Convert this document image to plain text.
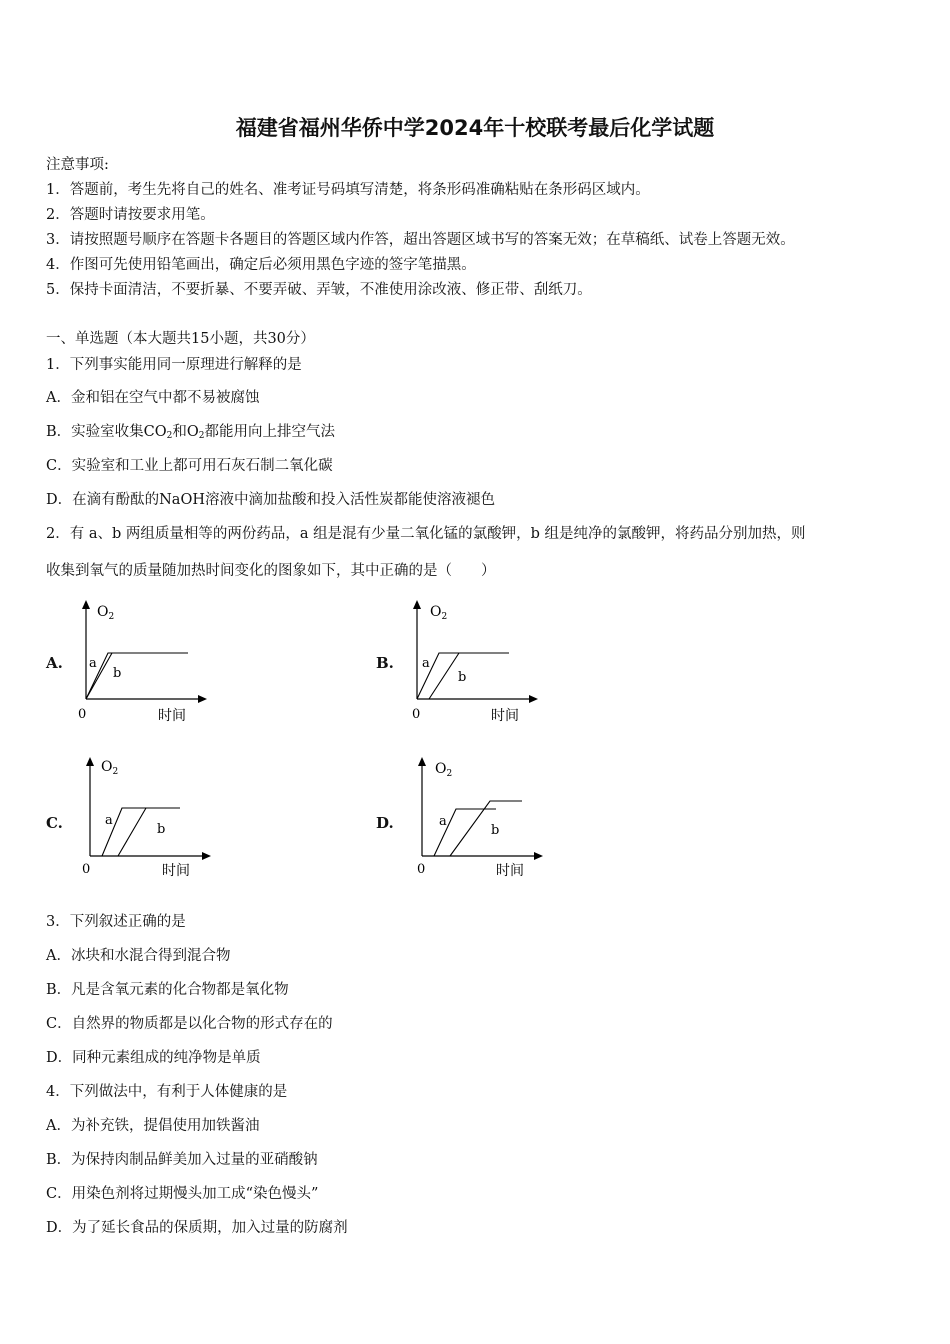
福建省福州华侨中学2024年十校联考最后化学试题
注意事项:
1．答题前，考生先将自己的姓名、准考证号码填写清楚，将条形码准确粘贴在条形码区域内。
2．答题时请按要求用笔。
3．请按照题号顺序在答题卡各题目的答题区域内作答，超出答题区域书写的答案无效；在草稿纸、试卷上答题无效。
4．作图可先使用铅笔画出，确定后必须用黑色字迹的签字笔描黑。
5．保持卡面清洁，不要折暴、不要弄破、弄皱，不准使用涂改液、修正带、刮纸刀。
一、单选题（本大题共15小题，共30分）
1．下列事实能用同一原理进行解释的是
A．金和铝在空气中都不易被腐蚀
B．实验室收集$CO_2$和$O_2$都能用向上排空气法
C．实验室和工业上都可用石灰石制二氧化碳
D．在滴有酚酞的NaOH溶液中滴加盐酸和投入活性炭都能使溶液褪色
2．有 a、b 两组质量相等的两份药品，a 组是混有少量二氧化锰的氯酸钾，b 组是纯净的氯酸钾，将药品分别加热，则
收集到氧气的质量随加热时间变化的图象如下，其中正确的是（　　）
A.
$O_2$
0	时间
a
b
B.
$O_2$
0	时间
a
b
C.
$O_2$
0	时间
a
b	D.
$O_2$
0	时间
a
b
3．下列叙述正确的是
A．冰块和水混合得到混合物
B．凡是含氧元素的化合物都是氧化物
C．自然界的物质都是以化合物的形式存在的
D．同种元素组成的纯净物是单质
4．下列做法中，有利于人体健康的是
A．为补充铁，提倡使用加铁酱油
B．为保持肉制品鲜美加入过量的亚硝酸钠
C．用染色剂将过期慢头加工成“染色慢头”
D．为了延长食品的保质期，加入过量的防腐剂
